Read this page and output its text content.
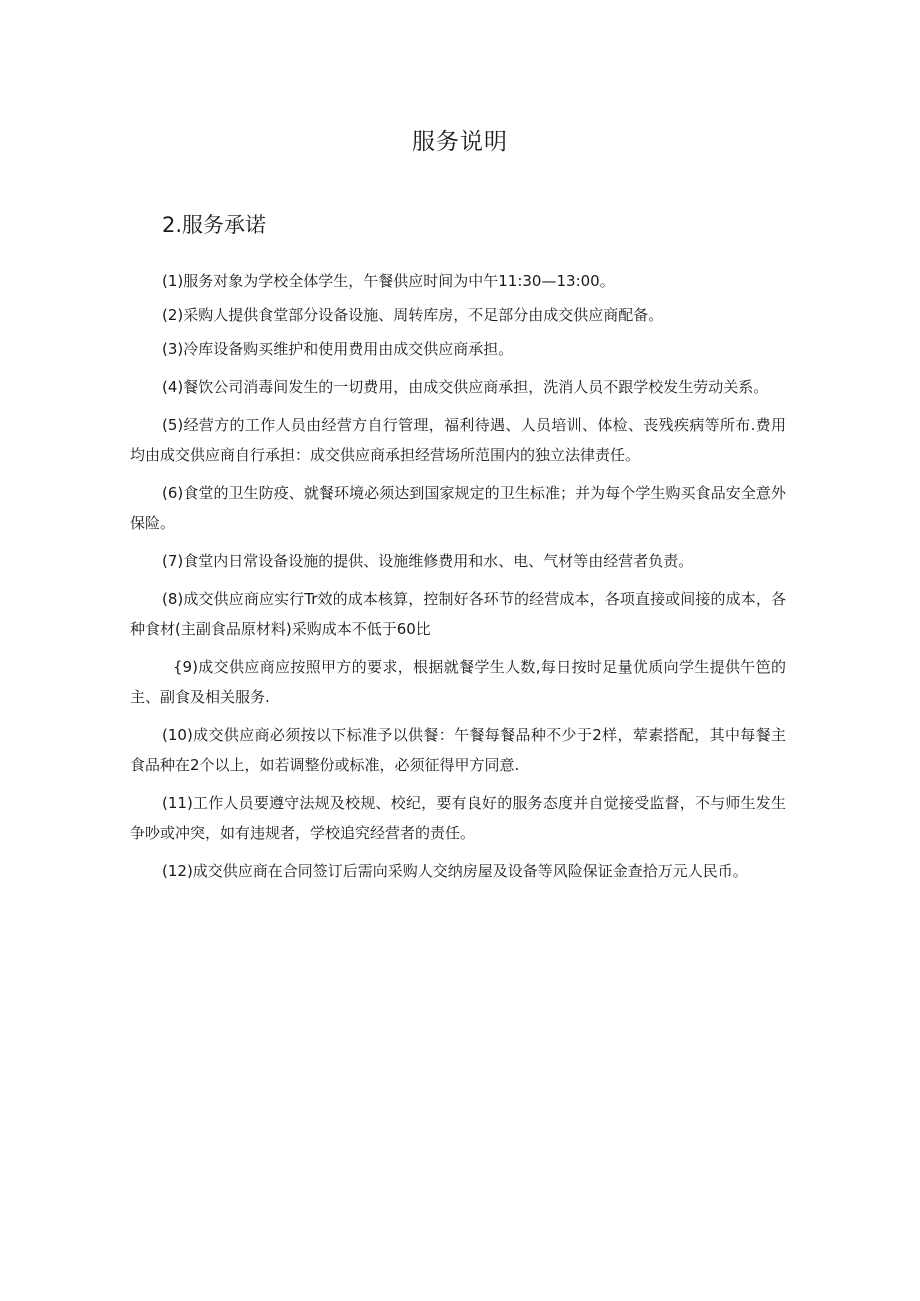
服务说明
2.服务承诺
(1)服务对象为学校全体学生，午餐供应时间为中午11:30—13:00。
(2)采购人提供食堂部分设备设施、周转库房，不足部分由成交供应商配备。
(3)冷库设备购买维护和使用费用由成交供应商承担。
(4)餐饮公司消毒间发生的一切费用，由成交供应商承担，洗消人员不跟学校发生劳动关系。
(5)经营方的工作人员由经营方自行管理，福利待遇、人员培训、体检、丧残疾病等所布.费用均由成交供应商自行承担：成交供应商承担经营场所范围内的独立法律责任。
(6)食堂的卫生防疫、就餐环境必须达到国家规定的卫生标准；并为每个学生购买食品安全意外保险。
(7)食堂内日常设备设施的提供、设施维修费用和水、电、气材等由经营者负责。
(8)成交供应商应实行Tr效的成本核算，控制好各环节的经营成本，各项直接或间接的成本，各种食材(主副食品原材料)采购成本不低于60比
{9)成交供应商应按照甲方的要求，根据就餐学生人数,每日按时足量优质向学生提供午笆的主、副食及相关服务.
(10)成交供应商必须按以下标准予以供餐：午餐每餐品种不少于2样，荤素搭配，其中每餐主食品种在2个以上，如若调整份或标准，必须征得甲方同意.
(11)工作人员要遵守法规及校规、校纪，要有良好的服务态度并自觉接受监督，不与师生发生争吵或冲突，如有违规者，学校追究经营者的责任。
(12)成交供应商在合同签订后需向采购人交纳房屋及设备等风险保证金查拾万元人民币。
